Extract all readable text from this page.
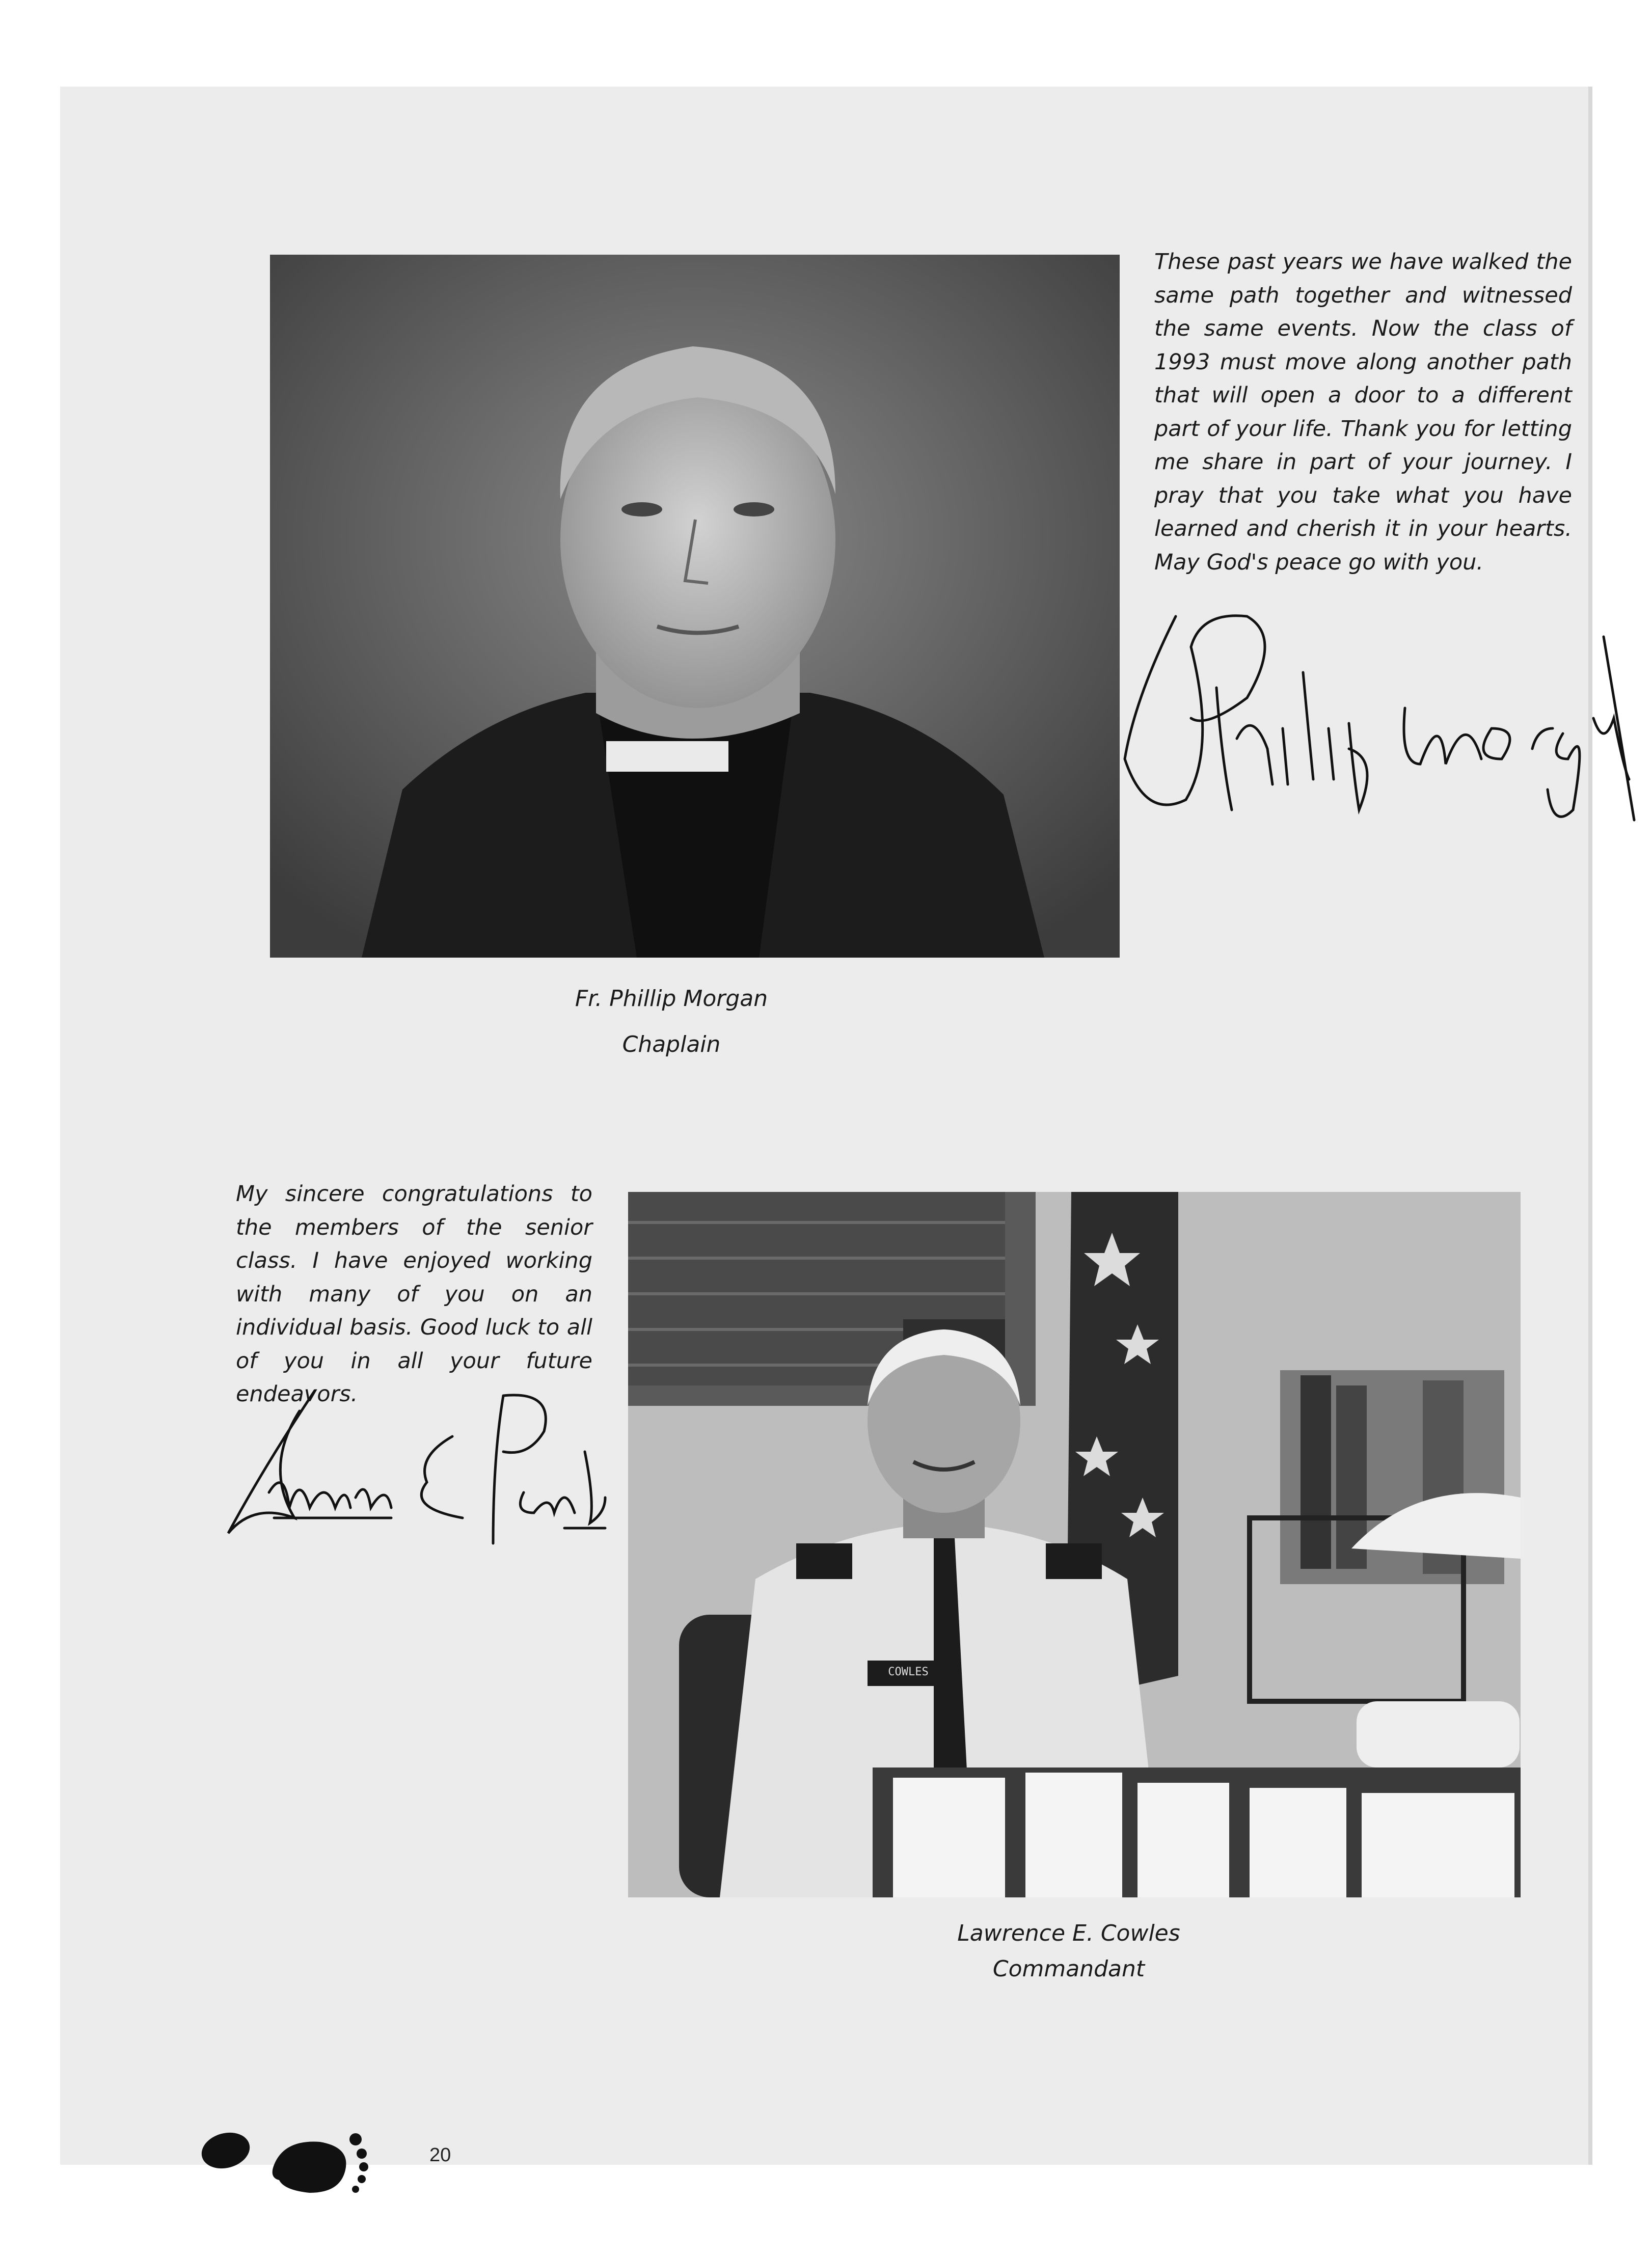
These past years we have walked the same path together and witnessed the same events. Now the class of 1993 must move along another path that will open a door to a different part of your life. Thank you for letting me share in part of your journey. I pray that you take what you have learned and cherish it in your hearts. May God's peace go with you.

Fr. Phillip Morgan
Chaplain

My sincere congratulations to the members of the senior class. I have enjoyed working with many of you on an individual basis. Good luck to all of you in all your future endeavors.

COWLES
Lawrence E. Cowles
Commandant
20
